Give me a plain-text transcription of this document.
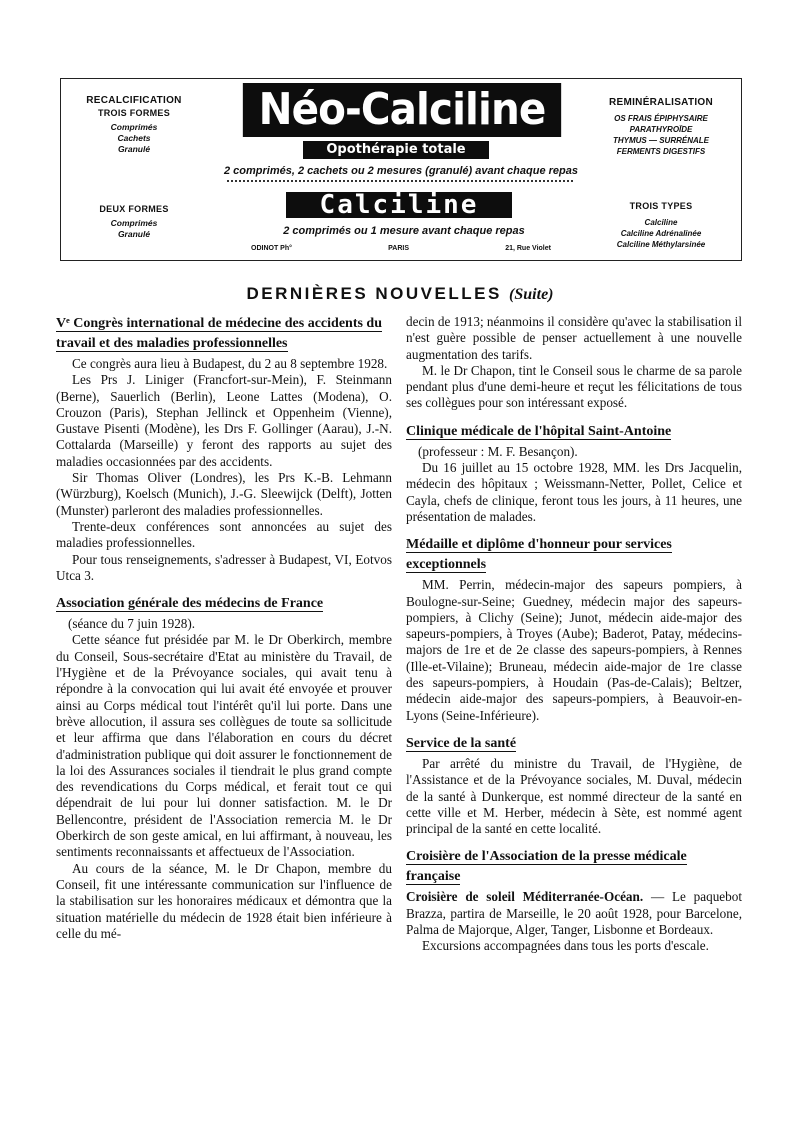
RECALCIFICATION
TROIS FORMES
Comprimés
Cachets
Granulé
DEUX FORMES
Comprimés
Granulé
REMINÉRALISATION
OS FRAIS ÉPIPHYSAIRE
PARATHYROÏDE
THYMUS — SURRÉNALE
FERMENTS DIGESTIFS
TROIS TYPES
Calciline
Calciline Adrénalinée
Calciline Méthylarsinée
Néo-Calciline
Opothérapie totale
2 comprimés, 2 cachets ou 2 mesures (granulé) avant chaque repas
Calciline
2 comprimés ou 1 mesure avant chaque repas
ODINOT Ph°	PARIS	21, Rue Violet
DERNIÈRES NOUVELLES (Suite)
Vᵉ Congrès international de médecine des accidents du travail et des maladies professionnelles

Ce congrès aura lieu à Budapest, du 2 au 8 septembre 1928.

Les Prs J. Liniger (Francfort-sur-Mein), F. Steinmann (Berne), Sauerlich (Berlin), Leone Lattes (Modena), O. Crouzon (Paris), Stephan Jellinck et Oppenheim (Vienne), Gustave Pisenti (Modène), les Drs F. Gollinger (Aarau), J.-N. Cottalarda (Marseille) y feront des rapports au sujet des maladies occasionnées par des accidents.

Sir Thomas Oliver (Londres), les Prs K.-B. Lehmann (Würzburg), Koelsch (Munich), J.-G. Sleewijck (Delft), Jotten (Munster) parleront des maladies professionnelles.

Trente-deux conférences sont annoncées au sujet des maladies professionnelles.

Pour tous renseignements, s'adresser à Budapest, VI, Eotvos Utca 3.

Association générale des médecins de France

(séance du 7 juin 1928).

Cette séance fut présidée par M. le Dr Oberkirch, membre du Conseil, Sous-secrétaire d'Etat au ministère du Travail, de l'Hygiène et de la Prévoyance sociales, qui avait tenu à répondre à la convocation qui lui avait été envoyée et prouver ainsi au Corps médical tout l'intérêt qu'il lui porte. Dans une brève allocution, il assura ses collègues de toute sa sollicitude et leur affirma que dans l'élaboration en cours du décret d'administration publique qui doit assurer le fonctionnement de la loi des Assurances sociales il tiendrait le plus grand compte des revendications du Corps médical, et ferait tout ce qui dépendrait de lui pour lui donner satisfaction. M. le Dr Bellencontre, président de l'Association remercia M. le Dr Oberkirch de son geste amical, en lui affirmant, à nouveau, les sentiments reconnaissants et affectueux de l'Association.

Au cours de la séance, M. le Dr Chapon, membre du Conseil, fit une intéressante communication sur l'influence de la stabilisation sur les honoraires médicaux et démontra que la situation matérielle du médecin de 1928 était bien inférieure à celle du mé-

decin de 1913; néanmoins il considère qu'avec la stabilisation il n'est guère possible de penser actuellement à une nouvelle augmentation des tarifs.

M. le Dr Chapon, tint le Conseil sous le charme de sa parole pendant plus d'une demi-heure et reçut les félicitations de tous ses collègues pour son intéressant exposé.

Clinique médicale de l'hôpital Saint-Antoine

(professeur : M. F. Besançon).

Du 16 juillet au 15 octobre 1928, MM. les Drs Jacquelin, médecin des hôpitaux ; Weissmann-Netter, Pollet, Celice et Cayla, chefs de clinique, feront tous les jours, à 11 heures, une présentation de malades.

Médaille et diplôme d'honneur pour services exceptionnels

MM. Perrin, médecin-major des sapeurs pompiers, à Boulogne-sur-Seine; Guedney, médecin major des sapeurs-pompiers, à Clichy (Seine); Junot, médecin aide-major des sapeurs-pompiers, à Troyes (Aube); Baderot, Patay, médecins-majors de 1re et de 2e classe des sapeurs-pompiers, à Rennes (Ille-et-Vilaine); Bruneau, médecin aide-major de 1re classe des sapeurs-pompiers, à Houdain (Pas-de-Calais); Beltzer, médecin aide-major des sapeurs-pompiers, à Beauvoir-en-Lyons (Seine-Inférieure).

Service de la santé

Par arrêté du ministre du Travail, de l'Hygiène, de l'Assistance et de la Prévoyance sociales, M. Duval, médecin de la santé à Dunkerque, est nommé directeur de la santé en cette ville et M. Herber, médecin à Sète, est nommé agent principal de la santé en cette localité.

Croisière de l'Association de la presse médicale française

Croisière de soleil Méditerranée-Océan. — Le paquebot Brazza, partira de Marseille, le 20 août 1928, pour Barcelone, Palma de Majorque, Alger, Tanger, Lisbonne et Bordeaux.

Excursions accompagnées dans tous les ports d'escale.
